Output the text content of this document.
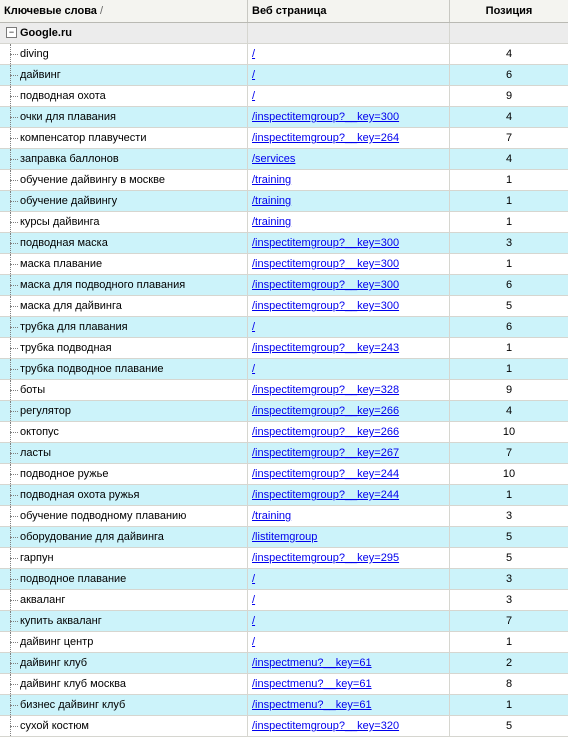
Ключевые слова /	Веб страница	Позиция
− Google.ru
diving	/	4
дайвинг	/	6
подводная охота	/	9
очки для плавания	/inspectitemgroup?__key=300	4
компенсатор плавучести	/inspectitemgroup?__key=264	7
заправка баллонов	/services	4
обучение дайвингу в москве	/training	1
обучение дайвингу	/training	1
курсы дайвинга	/training	1
подводная маска	/inspectitemgroup?__key=300	3
маска плавание	/inspectitemgroup?__key=300	1
маска для подводного плавания	/inspectitemgroup?__key=300	6
маска для дайвинга	/inspectitemgroup?__key=300	5
трубка для плавания	/	6
трубка подводная	/inspectitemgroup?__key=243	1
трубка подводное плавание	/	1
боты	/inspectitemgroup?__key=328	9
регулятор	/inspectitemgroup?__key=266	4
октопус	/inspectitemgroup?__key=266	10
ласты	/inspectitemgroup?__key=267	7
подводное ружье	/inspectitemgroup?__key=244	10
подводная охота ружья	/inspectitemgroup?__key=244	1
обучение подводному плаванию	/training	3
оборудование для дайвинга	/listitemgroup	5
гарпун	/inspectitemgroup?__key=295	5
подводное плавание	/	3
акваланг	/	3
купить акваланг	/	7
дайвинг центр	/	1
дайвинг клуб	/inspectmenu?__key=61	2
дайвинг клуб москва	/inspectmenu?__key=61	8
бизнес дайвинг клуб	/inspectmenu?__key=61	1
сухой костюм	/inspectitemgroup?__key=320	5
